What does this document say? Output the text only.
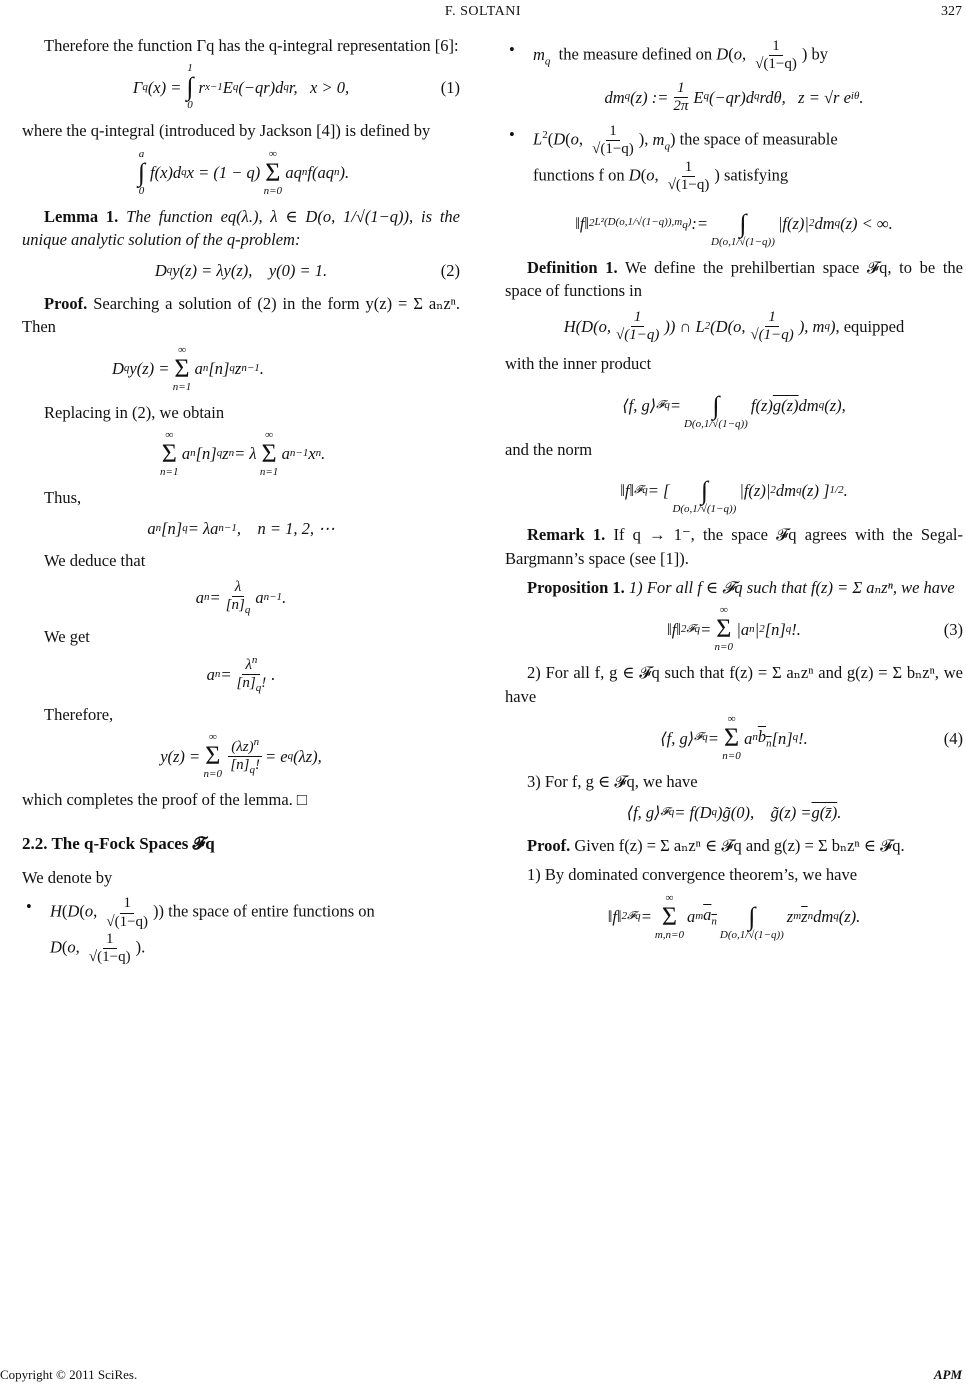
F. SOLTANI	327

Therefore the function Γq has the q-integral representation [6]:

Γ q (x) =
1
∫
0
r x−1 E q (−qr)d q r,   x > 0,	(1)

where the q-integral (introduced by Jackson [4]) is defined by

a
∫
0
f(x)d q x = (1 − q)
∞
Σ
n=0
aq n f(aq n ).

Lemma 1. The function eq(λ.), λ ∈ D(o, 1/√(1−q)), is the unique analytic solution of the q-problem:

D q y(z) = λy(z),    y(0) = 1.	(2)

Proof. Searching a solution of (2) in the form y(z) = Σ aₙzⁿ. Then

D q y(z) =
∞
Σ
n=1
a n [n] q z n−1 .

Replacing in (2), we obtain

∞
Σ
n=1
a n [n] q z n = λ
∞
Σ
n=1
a n−1 x n .

Thus,

a n [n] q = λa n−1 ,    n = 1, 2, ⋯

We deduce that

a $n = \frac{\lambda}{[n]_q}$ a n−1 .

We get

a $n = \frac{\lambda^n}{[n]_q!}$ .

Therefore,

y(z) =
∞
Σ
$n=0 \frac{(\lambda z)^n}{[n]_q!} = e$ q (λz),

which completes the proof of the lemma. □

2.2. The q-Fock Spaces 𝓕q

We denote by

•	H(D(o, $\frac{1}{√(1-q)}$ )) the space of entire functions on
D(o, $\frac{1}{√(1-q)}$ ).
•	$m_q$ the measure defined on D(o, $\frac{1}{√(1-q)}$ ) by
dm q (z) := $\frac{1}{2\pi}$ E q (−qr)d q rdθ,   z = √r e iθ .
•	$L^2(D(o$, $\frac{1}{√(1-q)}$ ), $m_q$) the space of measurable
functions f on D(o, $\frac{1}{√(1-q)}$ ) satisfying
‖f‖ 2 $L^2(D(o,1/√(1-q)),m_q)$ :=
∫
D(o,1/√(1−q))
|f(z)| 2 dm q (z) < ∞.

Definition 1. We define the prehilbertian space 𝓕q, to be the space of functions in

H(D(o, $\frac{1}{√(1-q)}$ )) ∩ L 2 (D(o, $\frac{1}{√(1-q)}$ ), m q ) , equipped

with the inner product

⟨f, g⟩ 𝓕q =
∫
D(o,1/√(1−q))
f(z) g(z) dm q (z),

and the norm

‖f‖ 𝓕q = [
∫
D(o,1/√(1−q))
|f(z)| 2 dm q (z) ] 1/2 .

Remark 1. If q → 1⁻, the space 𝓕q agrees with the Segal-Bargmann’s space (see [1]).

Proposition 1. 1) For all f ∈ 𝓕q such that f(z) = Σ aₙzⁿ, we have

‖f‖ 2 𝓕q =
∞
Σ
n=0
|a n | 2 [n] q !.	(3)

2) For all f, g ∈ 𝓕q such that f(z) = Σ aₙzⁿ and g(z) = Σ bₙzⁿ, we have

⟨f, g⟩ 𝓕q =
∞
Σ
n=0
a n $b_n$ [n] q !.	(4)

3) For f, g ∈ 𝓕q, we have

⟨f, g⟩ 𝓕q = f(D q )g̃(0),    g̃(z) = g(z̄) .

Proof. Given f(z) = Σ aₙzⁿ ∈ 𝓕q and g(z) = Σ bₙzⁿ ∈ 𝓕q.

1) By dominated convergence theorem’s, we have

‖f‖ 2 𝓕q =
∞
Σ
m,n=0
a m $a_n$
∫
D(o,1/√(1−q))
z m $\overline{z}$ n dm q (z).
Copyright © 2011 SciRes.	APM
